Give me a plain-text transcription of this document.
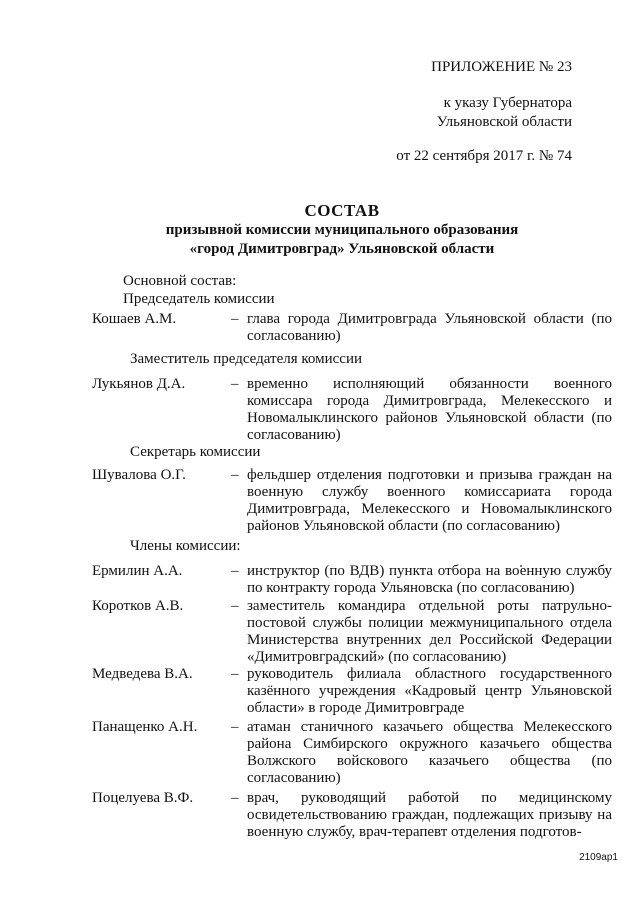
ПРИЛОЖЕНИЕ № 23
к указу Губернатора
Ульяновской области
от 22 сентября 2017 г. № 74
СОСТАВ
призывной комиссии муниципального образования
«город Димитровград» Ульяновской области
Основной состав:
Председатель комиссии
Кошаев А.М.	– глава города Димитровграда Ульяновской области (по согласованию)
Заместитель председателя комиссии
Лукьянов Д.А.	– временно исполняющий обязанности военного комиссара города Димитровграда, Мелекесского и Новомалыклинского районов Ульяновской области (по согласованию)
Секретарь комиссии
Шувалова О.Г.	– фельдшер отделения подготовки и призыва граждан на военную службу военного комиссариата города Димитровграда, Мелекесского и Новомалыклинского районов Ульяновской области (по согласованию)
Члены комиссии:
Ермилин А.А.	– инструктор (по ВДВ) пункта отбора на военную службу по контракту города Ульяновска (по согласованию)
Коротков А.В.	– заместитель командира отдельной роты патрульно-постовой службы полиции межмуниципального отдела Министерства внутренних дел Российской Федерации «Димитровградский» (по согласованию)
Медведева В.А.	– руководитель филиала областного государственного казённого учреждения «Кадровый центр Ульяновской области» в городе Димитровграде
Панащенко А.Н. – атаман станичного казачьего общества Мелекесского района Симбирского окружного казачьего общества Волжского войскового казачьего общества (по согласованию)
Поцелуева В.Ф.	– врач, руководящий работой по медицинскому освидетельствованию граждан, подлежащих призыву на военную службу, врач-терапевт отделения подготов-
2109ap1
